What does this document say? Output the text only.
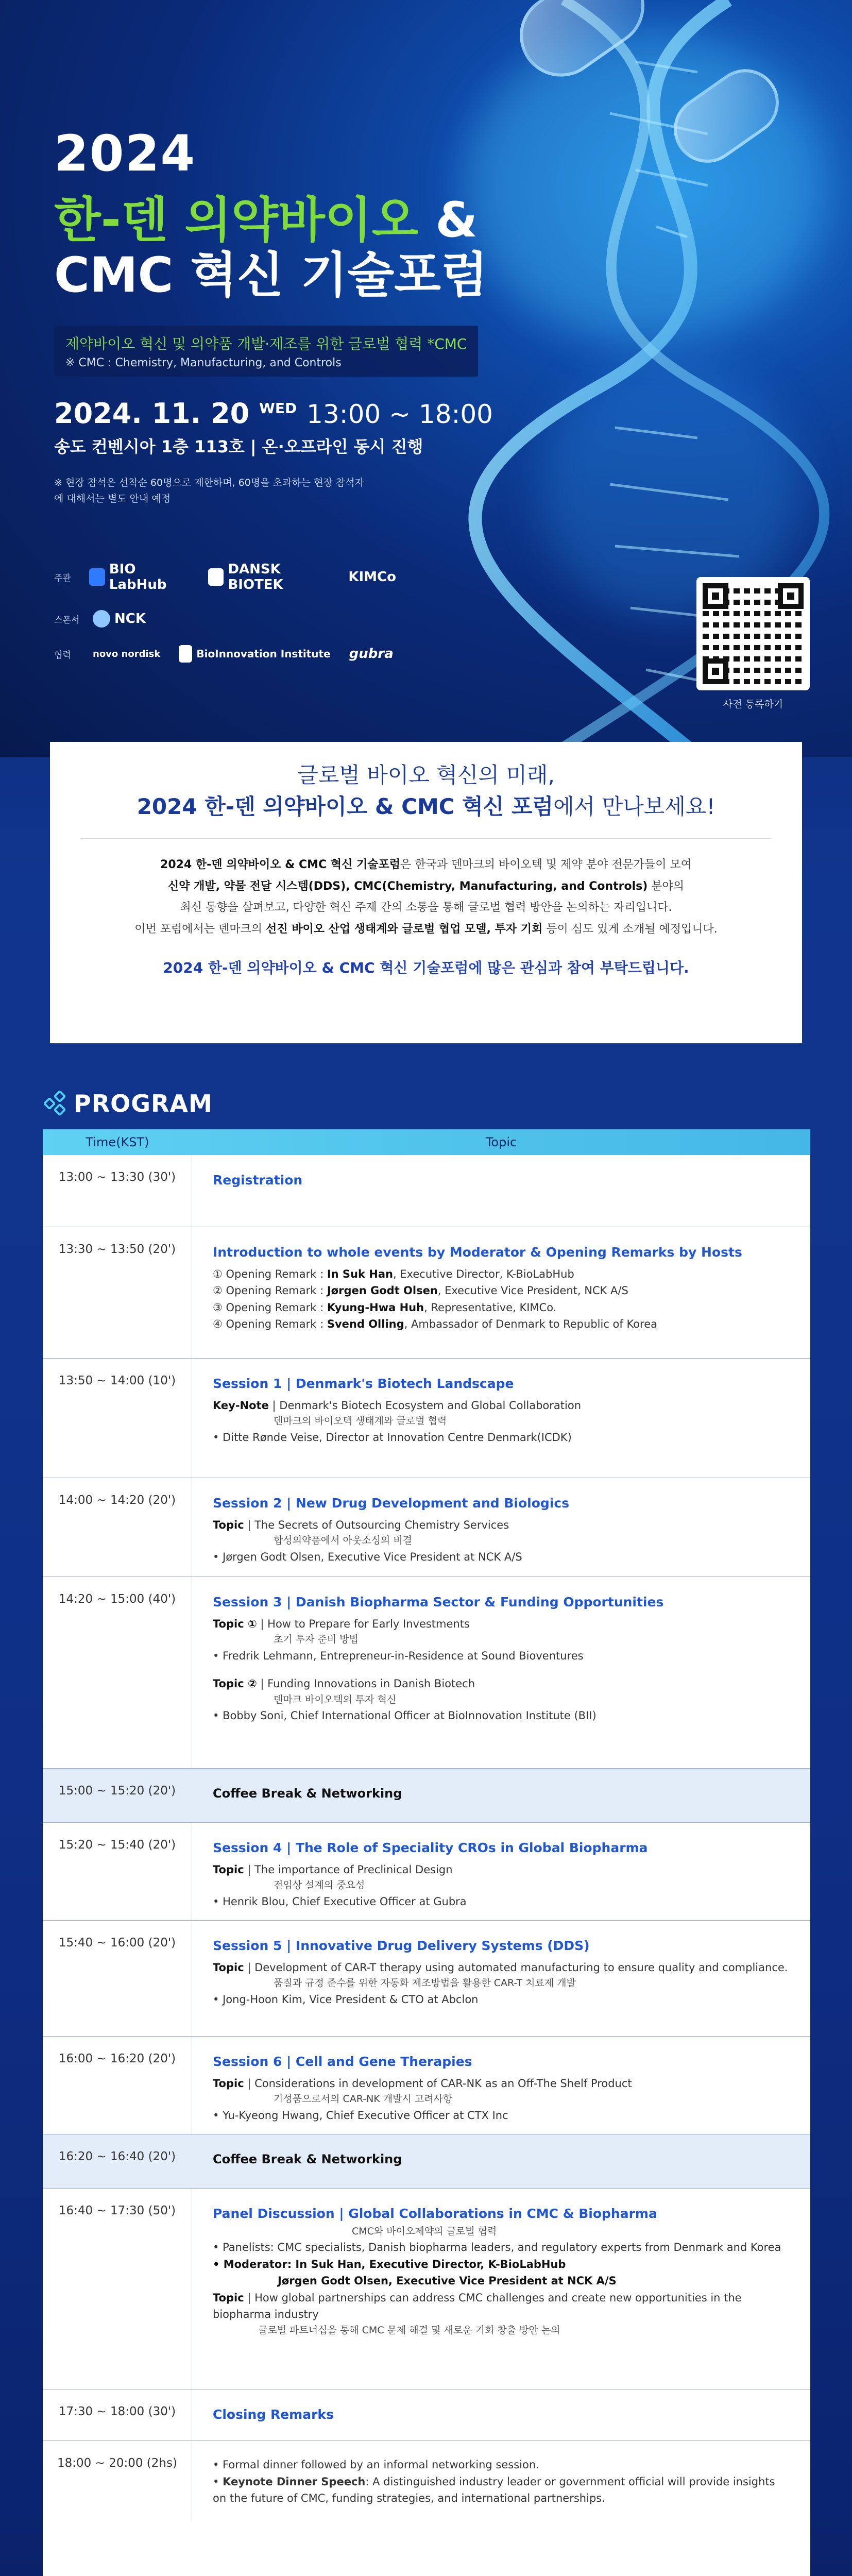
2024
한-덴 의약바이오 &
CMC 혁신 기술포럼
제약바이오 혁신 및 의약품 개발·제조를 위한 글로벌 협력 *CMC
※ CMC : Chemistry, Manufacturing, and Controls
2024. 11. 20 $^{WED}$ 13:00 ~ 18:00
송도 컨벤시아 1층 113호 | 온·오프라인 동시 진행
※ 현장 참석은 선착순 60명으로 제한하며, 60명을 초과하는 현장 참석자에 대해서는 별도 안내 예정
주관
BIO LabHub
DANSK BIOTEK	KIMCo
스폰서	NCK
협력	novo nordisk	BioInnovation Institute gubra
사전 등록하기
글로벌 바이오 혁신의 미래,
2024 한-덴 의약바이오 & CMC 혁신 포럼에서 만나보세요!

2024 한-덴 의약바이오 & CMC 혁신 기술포럼은 한국과 덴마크의 바이오텍 및 제약 분야 전문가들이 모여
신약 개발, 약물 전달 시스템(DDS), CMC(Chemistry, Manufacturing, and Controls) 분야의
최신 동향을 살펴보고, 다양한 혁신 주제 간의 소통을 통해 글로벌 협력 방안을 논의하는 자리입니다.
이번 포럼에서는 덴마크의 선진 바이오 산업 생태계와 글로벌 협업 모델, 투자 기회 등이 심도 있게 소개될 예정입니다.

2024 한-덴 의약바이오 & CMC 혁신 기술포럼에 많은 관심과 참여 부탁드립니다.
PROGRAM
Time(KST)	Topic
13:00 ~ 13:30 (30')	Registration
13:30 ~ 13:50 (20')	Introduction to whole events by Moderator & Opening Remarks by Hosts
① Opening Remark : In Suk Han, Executive Director, K-BioLabHub
② Opening Remark : Jørgen Godt Olsen, Executive Vice President, NCK A/S
③ Opening Remark : Kyung-Hwa Huh, Representative, KIMCo.
④ Opening Remark : Svend Olling, Ambassador of Denmark to Republic of Korea
13:50 ~ 14:00 (10')	Session 1 | Denmark's Biotech Landscape
Key-Note | Denmark's Biotech Ecosystem and Global Collaboration
덴마크의 바이오텍 생태계와 글로벌 협력
• Ditte Rønde Veise, Director at Innovation Centre Denmark(ICDK)
14:00 ~ 14:20 (20')	Session 2 | New Drug Development and Biologics
Topic | The Secrets of Outsourcing Chemistry Services
합성의약품에서 아웃소싱의 비결
• Jørgen Godt Olsen, Executive Vice President at NCK A/S
14:20 ~ 15:00 (40')	Session 3 | Danish Biopharma Sector & Funding Opportunities
Topic ① | How to Prepare for Early Investments
초기 투자 준비 방법
• Fredrik Lehmann, Entrepreneur-in-Residence at Sound Bioventures
Topic ② | Funding Innovations in Danish Biotech
덴마크 바이오텍의 투자 혁신
• Bobby Soni, Chief International Officer at BioInnovation Institute (BII)
15:00 ~ 15:20 (20')	Coffee Break & Networking
15:20 ~ 15:40 (20')	Session 4 | The Role of Speciality CROs in Global Biopharma
Topic | The importance of Preclinical Design
전임상 설계의 중요성
• Henrik Blou, Chief Executive Officer at Gubra
15:40 ~ 16:00 (20')	Session 5 | Innovative Drug Delivery Systems (DDS)
Topic | Development of CAR-T therapy using automated manufacturing to ensure quality and compliance.
품질과 규정 준수를 위한 자동화 제조방법을 활용한 CAR-T 치료제 개발
• Jong-Hoon Kim, Vice President & CTO at Abclon
16:00 ~ 16:20 (20')	Session 6 | Cell and Gene Therapies
Topic | Considerations in development of CAR-NK as an Off-The Shelf Product
기성품으로서의 CAR-NK 개발시 고려사항
• Yu-Kyeong Hwang, Chief Executive Officer at CTX Inc
16:20 ~ 16:40 (20')	Coffee Break & Networking
16:40 ~ 17:30 (50')	Panel Discussion | Global Collaborations in CMC & Biopharma
CMC와 바이오제약의 글로벌 협력
• Panelists: CMC specialists, Danish biopharma leaders, and regulatory experts from Denmark and Korea
• Moderator: In Suk Han, Executive Director, K-BioLabHub
Jørgen Godt Olsen, Executive Vice President at NCK A/S
Topic | How global partnerships can address CMC challenges and create new opportunities in the biopharma industry
글로벌 파트너십을 통해 CMC 문제 해결 및 새로운 기회 창출 방안 논의
17:30 ~ 18:00 (30')	Closing Remarks
18:00 ~ 20:00 (2hs)
•	Formal dinner followed by an informal networking session.
• Keynote Dinner Speech: A distinguished industry leader or government official will provide insights on the future of CMC, funding strategies, and international partnerships.
